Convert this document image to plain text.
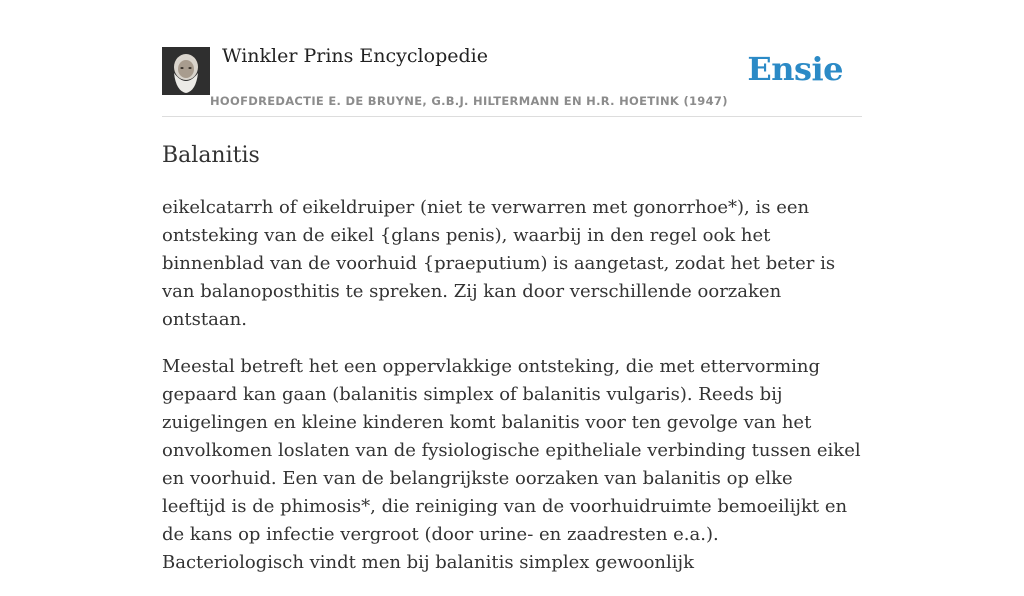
Winkler Prins Encyclopedie
HOOFDREDACTIE E. DE BRUYNE, G.B.J. HILTERMANN EN H.R. HOETINK (1947)
Ensie
Balanitis

eikelcatarrh of eikeldruiper (niet te verwarren met gonorrhoe*), is een ontsteking van de eikel {glans penis), waarbij in den regel ook het binnenblad van de voorhuid {praeputium) is aangetast, zodat het beter is van balanoposthitis te spreken. Zij kan door verschillende oorzaken ontstaan.

Meestal betreft het een oppervlakkige ontsteking, die met ettervorming gepaard kan gaan (balanitis simplex of balanitis vulgaris). Reeds bij zuigelingen en kleine kinderen komt balanitis voor ten gevolge van het onvolkomen loslaten van de fysiologische epitheliale verbinding tussen eikel en voorhuid. Een van de belangrijkste oorzaken van balanitis op elke leeftijd is de phimosis*, die reiniging van de voorhuidruimte bemoeilijkt en de kans op infectie vergroot (door urine- en zaadresten e.a.). Bacteriologisch vindt men bij balanitis simplex gewoonlijk
